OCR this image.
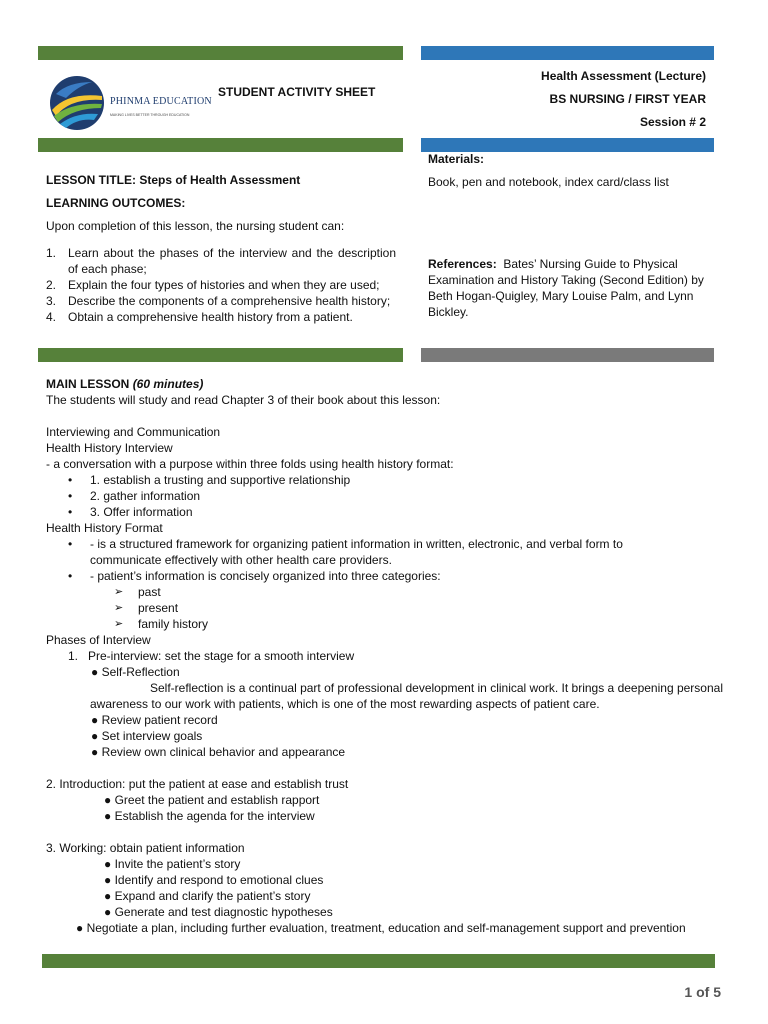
PHINMA EDUCATION
MAKING LIVES BETTER THROUGH EDUCATION
STUDENT ACTIVITY SHEET
Health Assessment (Lecture)
BS NURSING / FIRST YEAR
Session # 2
Materials:
Book, pen and notebook, index card/class list
LESSON TITLE: Steps of Health Assessment
LEARNING OUTCOMES:
Upon completion of this lesson, the nursing student can:
1. Learn about the phases of the interview and the description of each phase;
2. Explain the four types of histories and when they are used;
3. Describe the components of a comprehensive health history;
4. Obtain a comprehensive health history from a patient.
References: Bates’ Nursing Guide to Physical Examination and History Taking (Second Edition) by Beth Hogan-Quigley, Mary Louise Palm, and Lynn Bickley.
MAIN LESSON (60 minutes)
The students will study and read Chapter 3 of their book about this lesson:
Interviewing and Communication
Health History Interview
- a conversation with a purpose within three folds using health history format:
• 1. establish a trusting and supportive relationship
• 2. gather information
• 3. Offer information
Health History Format
• - is a structured framework for organizing patient information in written, electronic, and verbal form to communicate effectively with other health care providers.
• - patient’s information is concisely organized into three categories:
➢ past
➢ present
➢ family history
Phases of Interview
1. Pre-interview: set the stage for a smooth interview
● Self-Reflection
Self-reflection is a continual part of professional development in clinical work. It brings a deepening personal awareness to our work with patients, which is one of the most rewarding aspects of patient care.
● Review patient record
● Set interview goals
● Review own clinical behavior and appearance
2. Introduction: put the patient at ease and establish trust
● Greet the patient and establish rapport
● Establish the agenda for the interview
3. Working: obtain patient information
● Invite the patient’s story
● Identify and respond to emotional clues
● Expand and clarify the patient’s story
● Generate and test diagnostic hypotheses
● Negotiate a plan, including further evaluation, treatment, education and self-management support and prevention
1 of 5
